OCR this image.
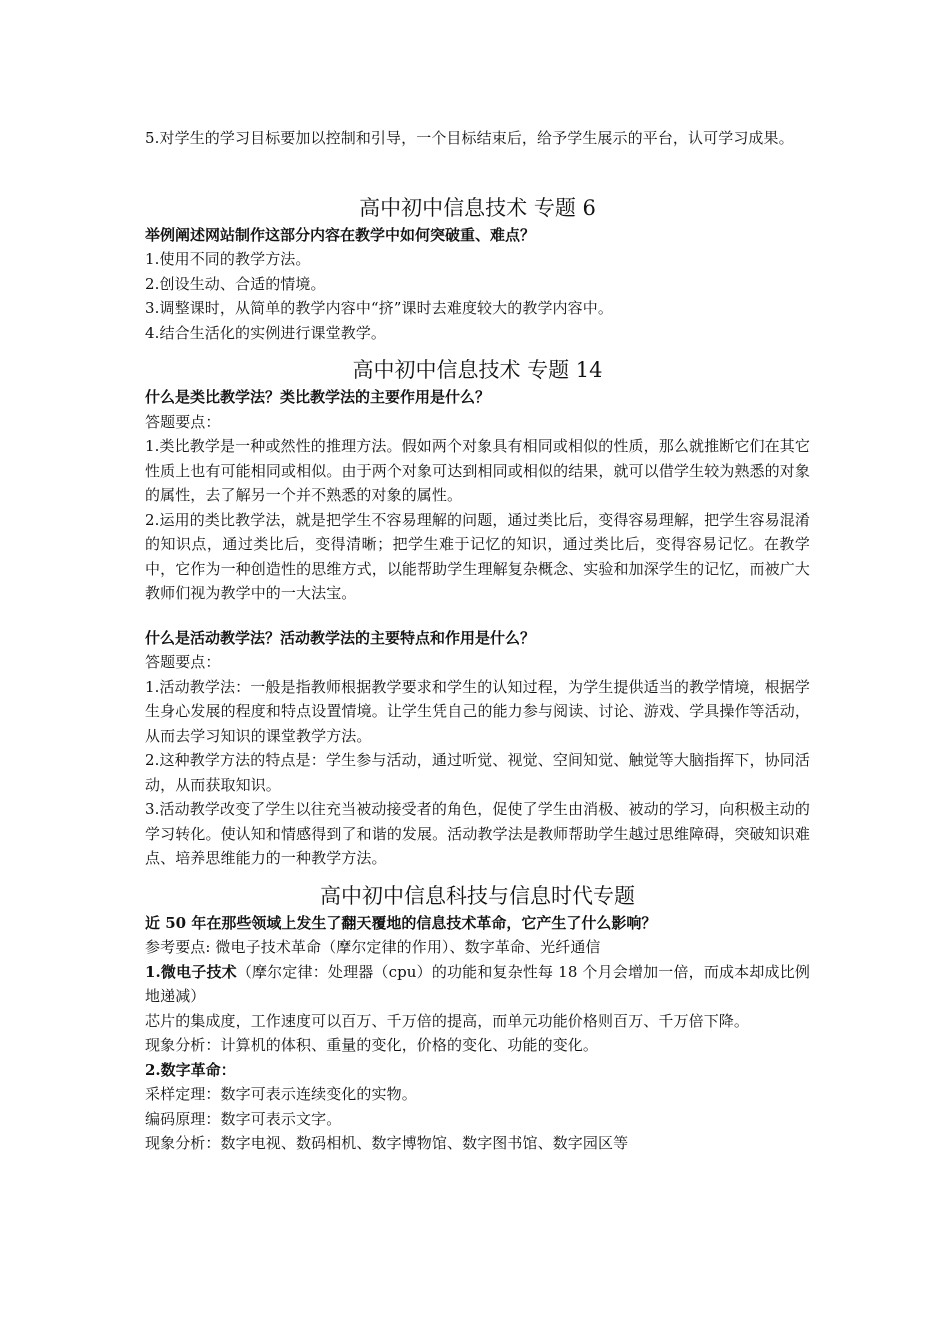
5.对学生的学习目标要加以控制和引导，一个目标结束后，给予学生展示的平台，认可学习成果。

高中初中信息技术 专题 6

举例阐述网站制作这部分内容在教学中如何突破重、难点？

1.使用不同的教学方法。

2.创设生动、合适的情境。

3.调整课时，从简单的教学内容中“挤”课时去难度较大的教学内容中。

4.结合生活化的实例进行课堂教学。

高中初中信息技术 专题 14

什么是类比教学法？类比教学法的主要作用是什么？

答题要点：

1.类比教学是一种或然性的推理方法。假如两个对象具有相同或相似的性质，那么就推断它们在其它性质上也有可能相同或相似。由于两个对象可达到相同或相似的结果，就可以借学生较为熟悉的对象的属性，去了解另一个并不熟悉的对象的属性。

2.运用的类比教学法，就是把学生不容易理解的问题，通过类比后，变得容易理解，把学生容易混淆的知识点，通过类比后，变得清晰；把学生难于记忆的知识，通过类比后，变得容易记忆。在教学中，它作为一种创造性的思维方式，以能帮助学生理解复杂概念、实验和加深学生的记忆，而被广大教师们视为教学中的一大法宝。

什么是活动教学法？活动教学法的主要特点和作用是什么？

答题要点：

1.活动教学法：一般是指教师根据教学要求和学生的认知过程，为学生提供适当的教学情境，根据学生身心发展的程度和特点设置情境。让学生凭自己的能力参与阅读、讨论、游戏、学具操作等活动，从而去学习知识的课堂教学方法。

2.这种教学方法的特点是：学生参与活动，通过听觉、视觉、空间知觉、触觉等大脑指挥下，协同活动，从而获取知识。

3.活动教学改变了学生以往充当被动接受者的角色，促使了学生由消极、被动的学习，向积极主动的学习转化。使认知和情感得到了和谐的发展。活动教学法是教师帮助学生越过思维障碍，突破知识难点、培养思维能力的一种教学方法。

高中初中信息科技与信息时代专题

近 50 年在那些领域上发生了翻天覆地的信息技术革命，它产生了什么影响？

参考要点: 微电子技术革命（摩尔定律的作用）、数字革命、光纤通信

1.微电子技术（摩尔定律：处理器（cpu）的功能和复杂性每 18 个月会增加一倍，而成本却成比例地递减）

芯片的集成度，工作速度可以百万、千万倍的提高，而单元功能价格则百万、千万倍下降。

现象分析：计算机的体积、重量的变化，价格的变化、功能的变化。

2.数字革命：

采样定理：数字可表示连续变化的实物。

编码原理：数字可表示文字。

现象分析：数字电视、数码相机、数字博物馆、数字图书馆、数字园区等
